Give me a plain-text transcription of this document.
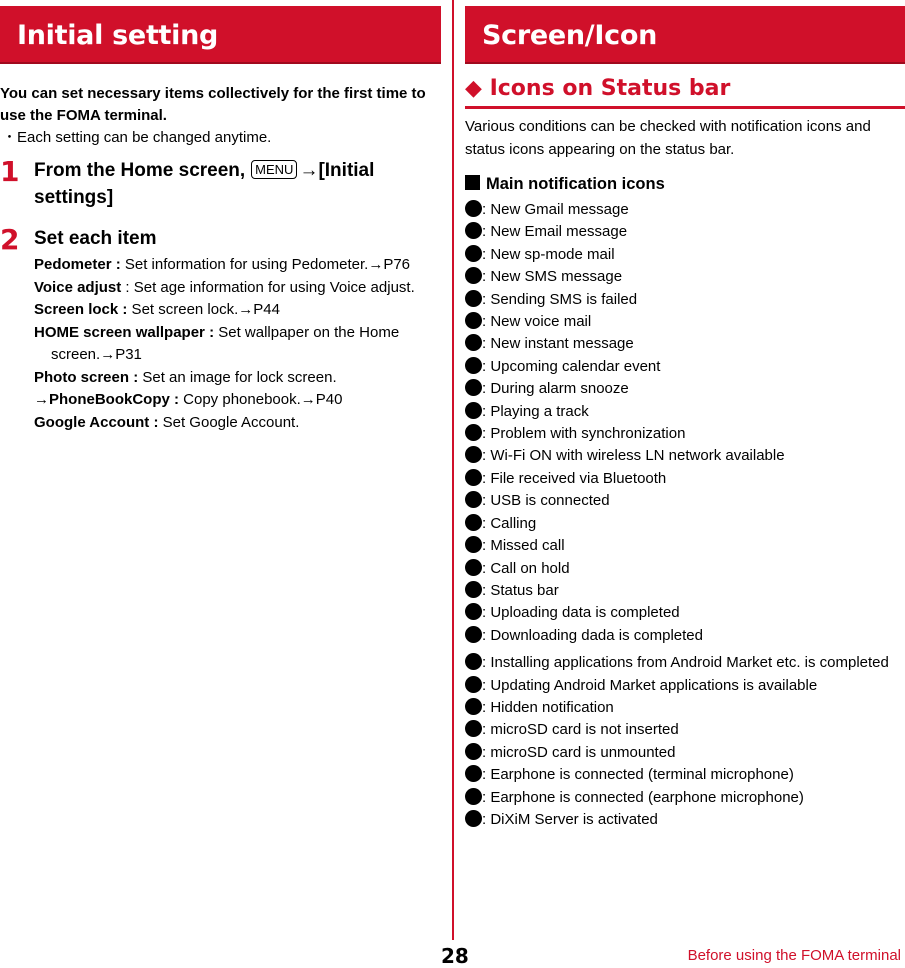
Initial setting
You can set necessary items collectively for the first time to use the FOMA terminal.
・Each setting can be changed anytime.
1 From the Home screen, MENU →[Initial settings]
2 Set each item
Pedometer : Set information for using Pedometer.→P76
Voice adjust : Set age information for using Voice adjust.
Screen lock : Set screen lock.→P44
HOME screen wallpaper : Set wallpaper on the Home screen.→P31
Photo screen : Set an image for lock screen.
→PhoneBookCopy : Copy phonebook.→P40
Google Account : Set Google Account.
Screen/Icon
◆ Icons on Status bar
Various conditions can be checked with notification icons and status icons appearing on the status bar.
Main notification icons
: New Gmail message
: New Email message
: New sp-mode mail
: New SMS message
: Sending SMS is failed
: New voice mail
: New instant message
: Upcoming calendar event
: During alarm snooze
: Playing a track
: Problem with synchronization
: Wi-Fi ON with wireless LN network available
: File received via Bluetooth
: USB is connected
: Calling
: Missed call
: Call on hold
: Status bar
: Uploading data is completed
: Downloading dada is completed
: Installing applications from Android Market etc. is completed
: Updating Android Market applications is available
: Hidden notification
: microSD card is not inserted
: microSD card is unmounted
: Earphone is connected (terminal microphone)
: Earphone is connected (earphone microphone)
: DiXiM Server is activated
28	Before using the FOMA terminal
